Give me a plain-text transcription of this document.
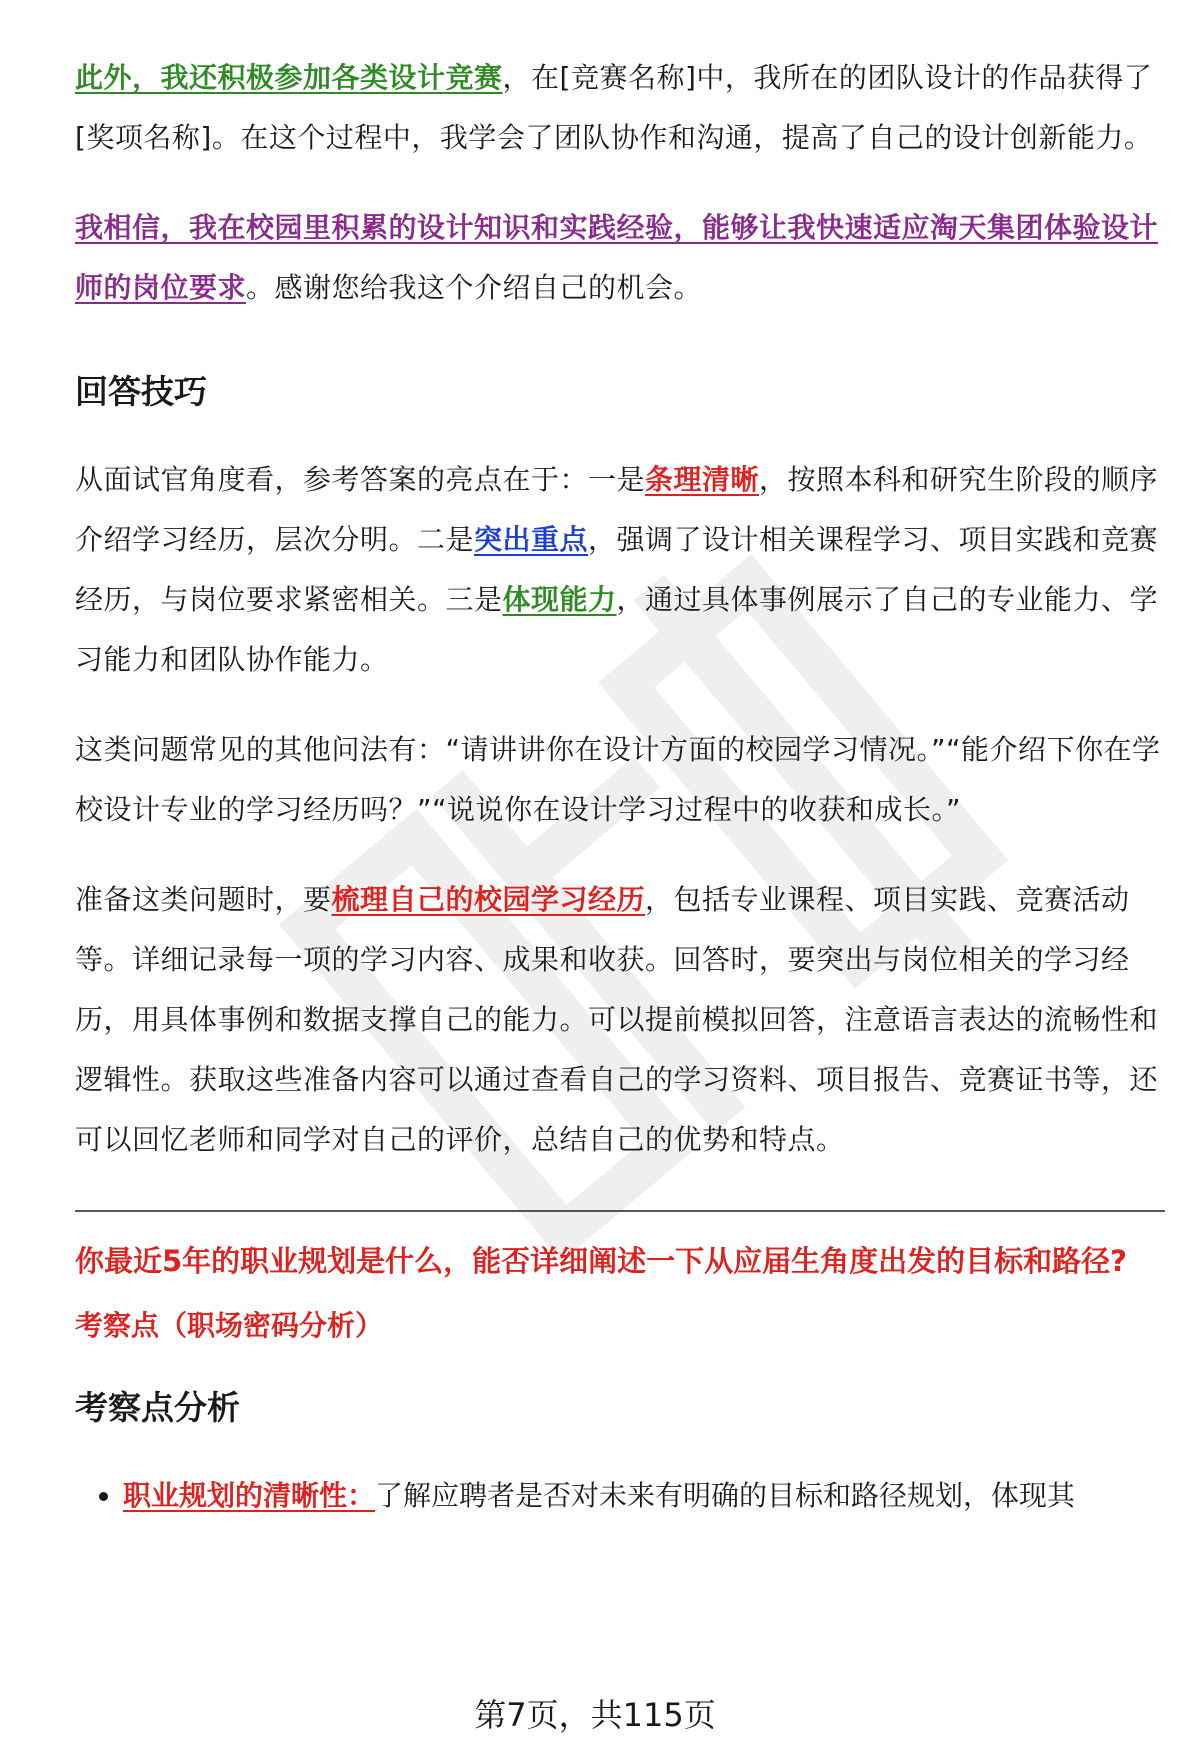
此外，我还积极参加各类设计竞赛，在[竞赛名称]中，我所在的团队设计的作品获得了[奖项名称]。在这个过程中，我学会了团队协作和沟通，提高了自己的设计创新能力。

我相信，我在校园里积累的设计知识和实践经验，能够让我快速适应淘天集团体验设计师的岗位要求。感谢您给我这个介绍自己的机会。

回答技巧

从面试官角度看，参考答案的亮点在于：一是条理清晰，按照本科和研究生阶段的顺序介绍学习经历，层次分明。二是突出重点，强调了设计相关课程学习、项目实践和竞赛经历，与岗位要求紧密相关。三是体现能力，通过具体事例展示了自己的专业能力、学习能力和团队协作能力。

这类问题常见的其他问法有：“请讲讲你在设计方面的校园学习情况。”“能介绍下你在学校设计专业的学习经历吗？”“说说你在设计学习过程中的收获和成长。”

准备这类问题时，要梳理自己的校园学习经历，包括专业课程、项目实践、竞赛活动等。详细记录每一项的学习内容、成果和收获。回答时，要突出与岗位相关的学习经历，用具体事例和数据支撑自己的能力。可以提前模拟回答，注意语言表达的流畅性和逻辑性。获取这些准备内容可以通过查看自己的学习资料、项目报告、竞赛证书等，还可以回忆老师和同学对自己的评价，总结自己的优势和特点。

你最近5年的职业规划是什么，能否详细阐述一下从应届生角度出发的目标和路径?
考察点（职场密码分析）
考察点分析
• 职业规划的清晰性：了解应聘者是否对未来有明确的目标和路径规划，体现其
第7页，共115页
